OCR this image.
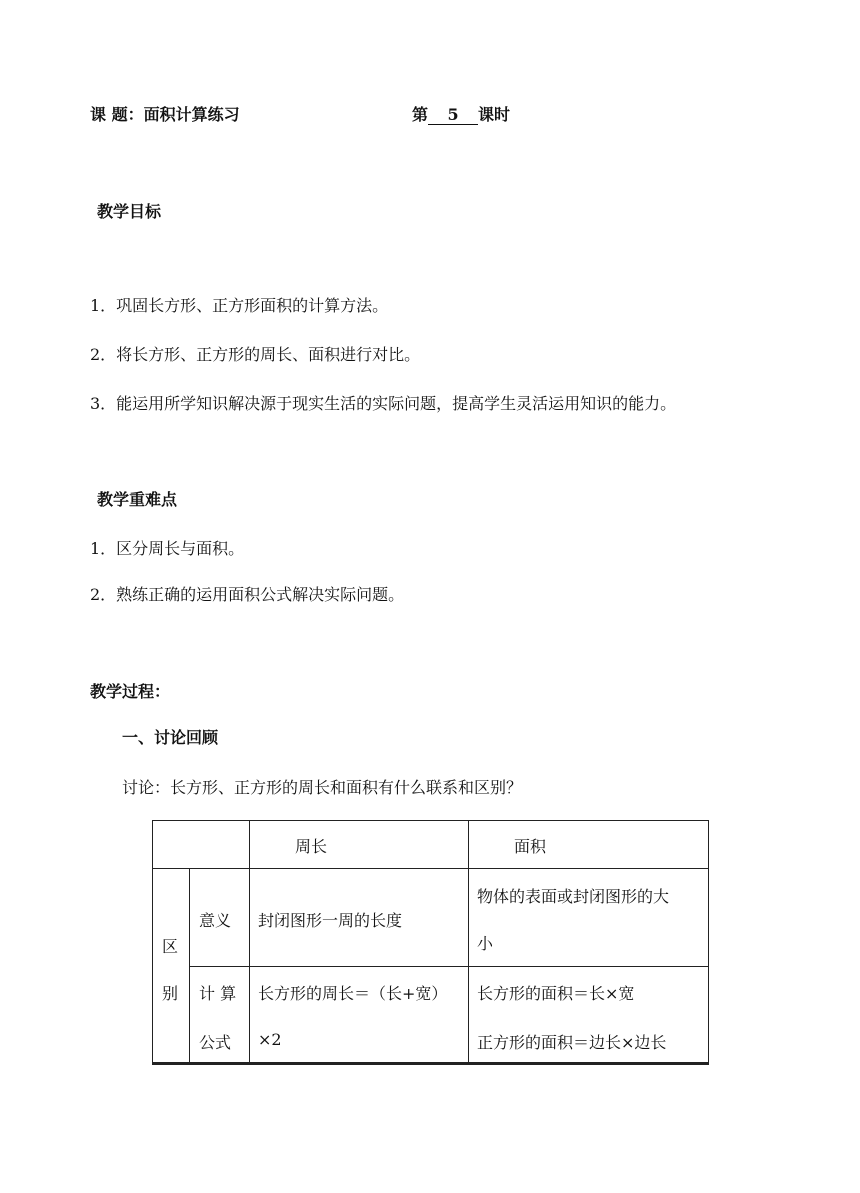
课 题：面积计算练习	第 5 课时
教学目标
1．巩固长方形、正方形面积的计算方法。
2．将长方形、正方形的周长、面积进行对比。
3．能运用所学知识解决源于现实生活的实际问题，提高学生灵活运用知识的能力。
教学重难点
1．区分周长与面积。
2．熟练正确的运用面积公式解决实际问题。
教学过程：
一、讨论回顾
讨论：长方形、正方形的周长和面积有什么联系和区别？
周长	面积
区
别
意义 封闭图形一周的长度
物体的表面或封闭图形的大
小
计 算
公式
长方形的周长＝（长+宽）
×2
长方形的面积＝长×宽
正方形的面积＝边长×边长
